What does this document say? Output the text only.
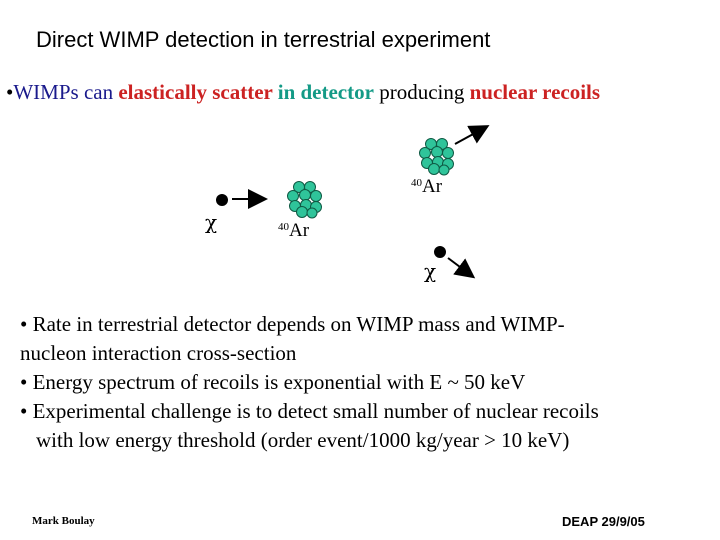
Direct WIMP detection in terrestrial experiment
•WIMPs can elastically scatter in detector producing nuclear recoils
χ	$^{40}$Ar
$^{40}$Ar
χ

• Rate in terrestrial detector depends on WIMP mass and WIMP-

nucleon interaction cross-section

• Energy spectrum of recoils is exponential with E ~ 50 keV

• Experimental challenge is to detect small number of nuclear recoils

with low energy threshold (order event/1000 kg/year > 10 keV)

Mark Boulay	DEAP 29/9/05
